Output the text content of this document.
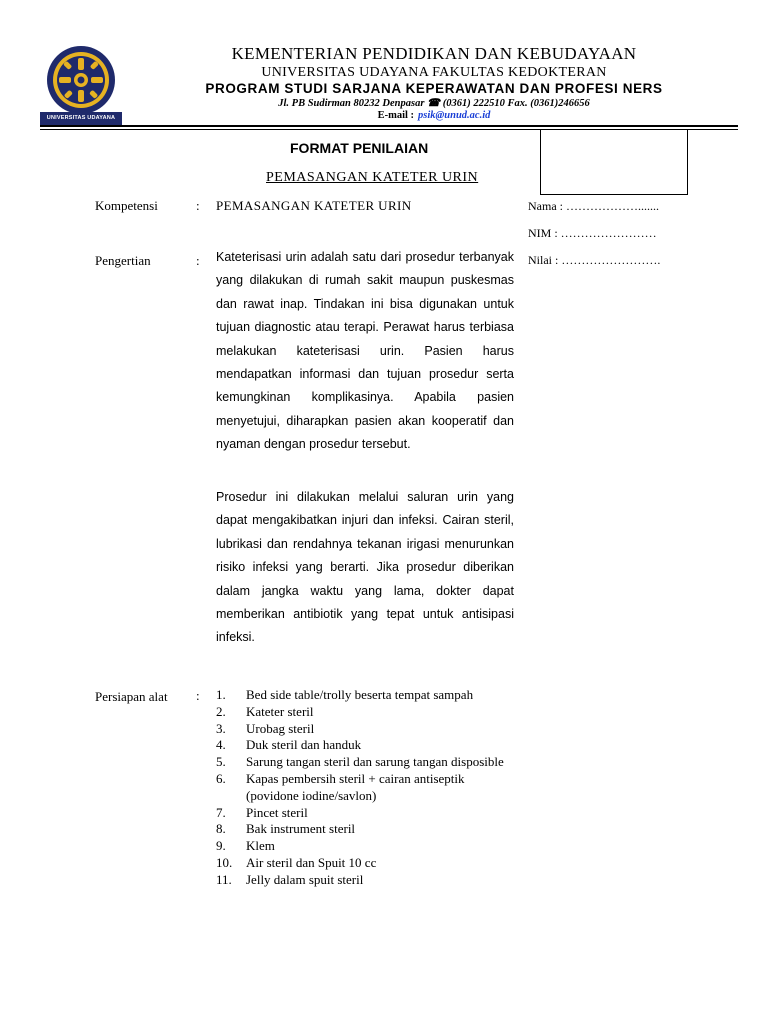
UNIVERSITAS UDAYANA
KEMENTERIAN PENDIDIKAN DAN KEBUDAYAAN
UNIVERSITAS UDAYANA FAKULTAS KEDOKTERAN
PROGRAM STUDI SARJANA KEPERAWATAN DAN PROFESI NERS
Jl. PB Sudirman 80232 Denpasar ☎ (0361) 222510 Fax. (0361)246656
E-mail : psik@unud.ac.id
FORMAT PENILAIAN
PEMASANGAN KATETER URIN
Nama : ……………….......
NIM : ……………………
Nilai : …………………….
Kompetensi	: PEMASANGAN KATETER URIN
Pengertian	: Kateterisasi urin adalah satu dari prosedur terbanyak yang dilakukan di rumah sakit maupun puskesmas dan rawat inap. Tindakan ini bisa digunakan untuk tujuan diagnostic atau terapi. Perawat harus terbiasa melakukan kateterisasi urin. Pasien harus mendapatkan informasi dan tujuan prosedur serta kemungkinan komplikasinya. Apabila pasien menyetujui, diharapkan pasien akan kooperatif dan nyaman dengan prosedur tersebut.
Prosedur ini dilakukan melalui saluran urin yang dapat mengakibatkan injuri dan infeksi. Cairan steril, lubrikasi dan rendahnya tekanan irigasi menurunkan risiko infeksi yang berarti. Jika prosedur diberikan dalam jangka waktu yang lama, dokter dapat memberikan antibiotik yang tepat untuk antisipasi infeksi.
Persiapan alat	: 1. Bed side table/trolly beserta tempat sampah
2. Kateter steril
3. Urobag steril
4. Duk steril dan handuk
5. Sarung tangan steril dan sarung tangan disposible
6. Kapas pembersih steril + cairan antiseptik (povidone iodine/savlon)
7. Pincet steril
8. Bak instrument steril
9. Klem
10. Air steril dan Spuit 10 cc
11. Jelly dalam spuit steril
